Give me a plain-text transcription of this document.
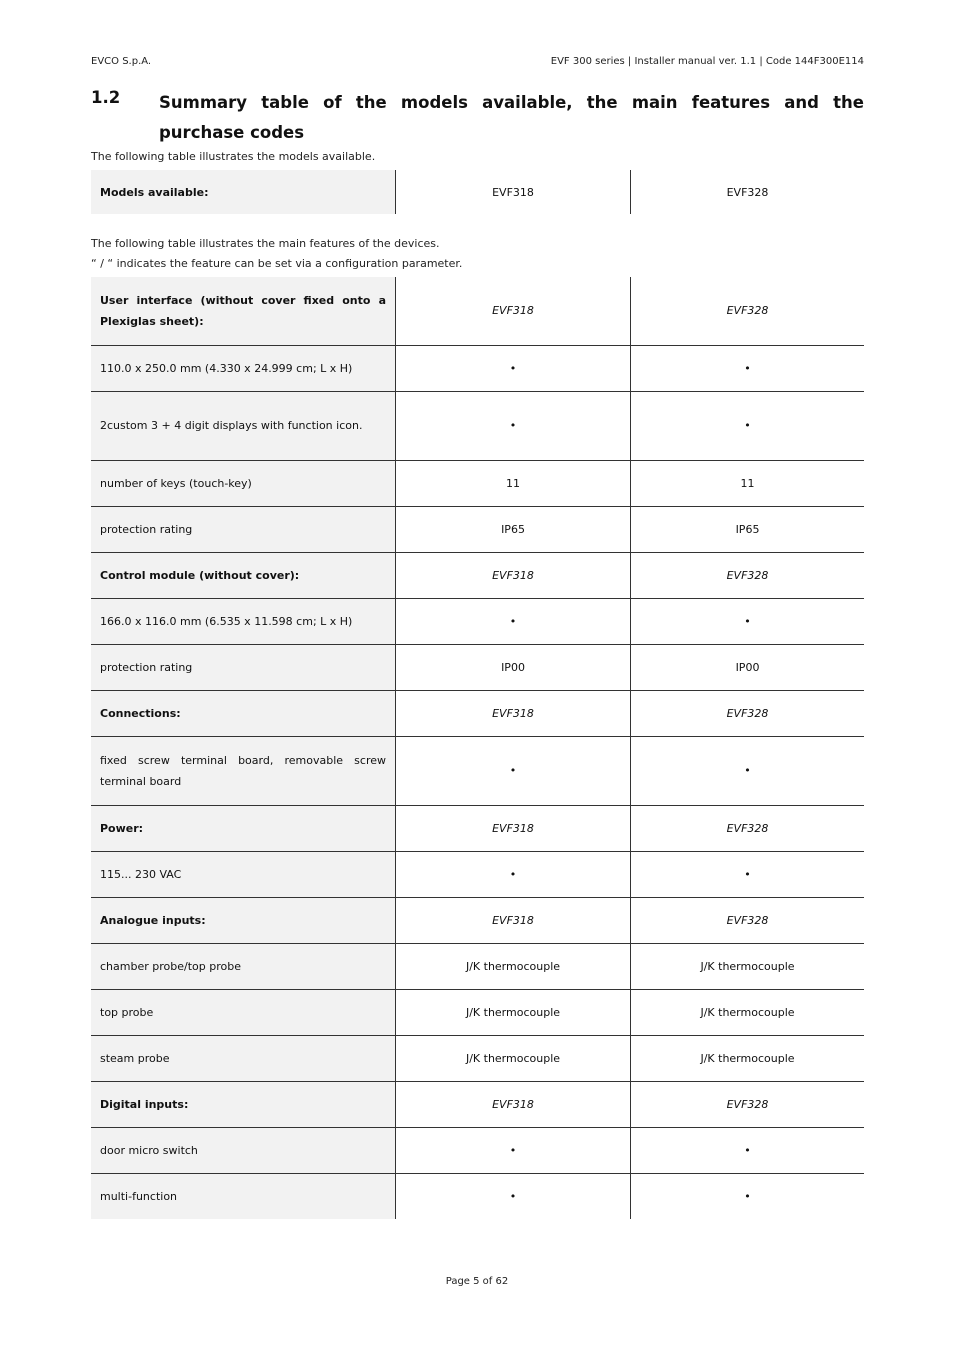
EVCO S.p.A.	EVF 300 series | Installer manual ver. 1.1 | Code 144F300E114
1.2 Summary table of the models available, the main features and the purchase codes
The following table illustrates the models available.
Models available:	EVF318	EVF328
The following table illustrates the main features of the devices.
“ / “ indicates the feature can be set via a configuration parameter.
User interface (without cover fixed onto a Plexiglas sheet):	EVF318	EVF328
110.0 x 250.0 mm (4.330 x 24.999 cm; L x H)	•	•
2custom 3 + 4 digit displays with function icon.	•	•
number of keys (touch-key)	11	11
protection rating	IP65	IP65
Control module (without cover):	EVF318	EVF328
166.0 x 116.0 mm (6.535 x 11.598 cm; L x H)	•	•
protection rating	IP00	IP00
Connections:	EVF318	EVF328
fixed screw terminal board, removable screw terminal board	•	•
Power:	EVF318	EVF328
115... 230 VAC	•	•
Analogue inputs:	EVF318	EVF328
chamber probe/top probe	J/K thermocouple	J/K thermocouple
top probe	J/K thermocouple	J/K thermocouple
steam probe	J/K thermocouple	J/K thermocouple
Digital inputs:	EVF318	EVF328
door micro switch	•	•
multi-function	•	•
Page 5 of 62
